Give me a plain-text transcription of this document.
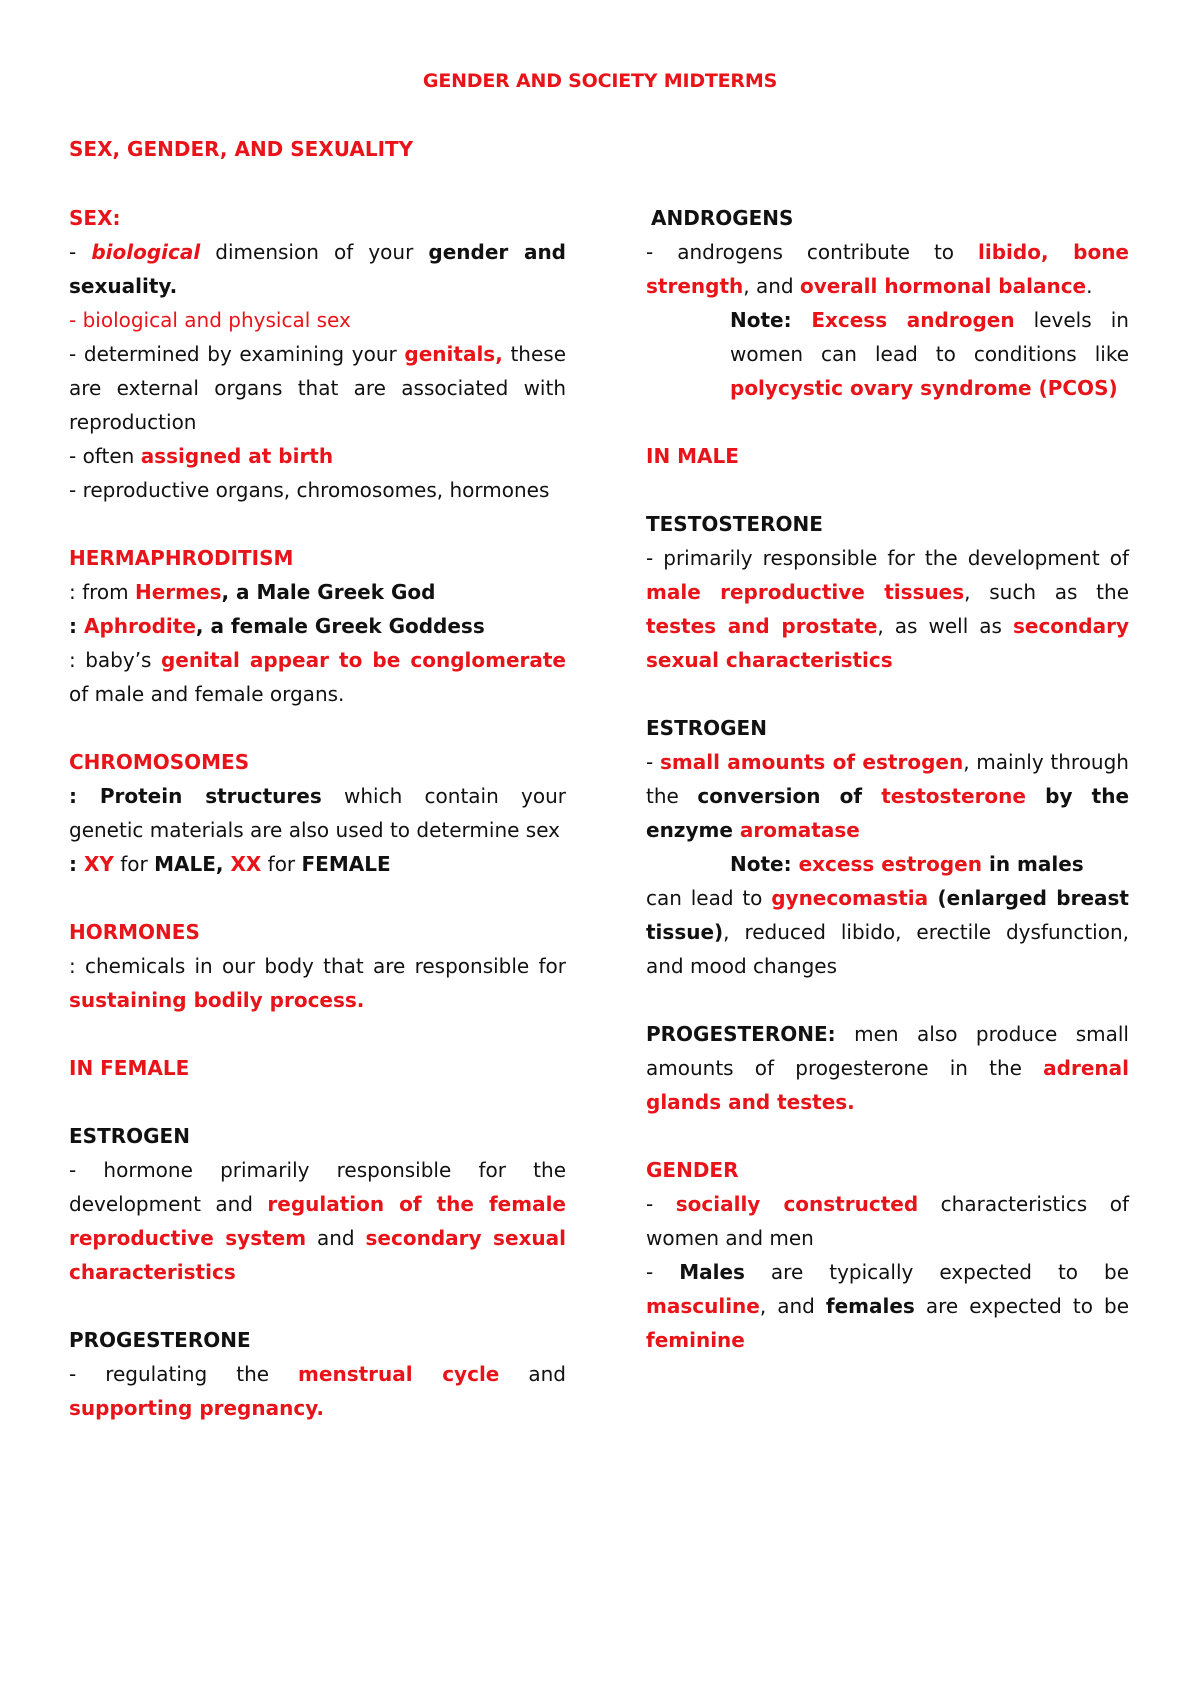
GENDER AND SOCIETY MIDTERMS
SEX, GENDER, AND SEXUALITY

SEX:

- biological dimension of your gender and sexuality.

- biological and physical sex

- determined by examining your genitals, these are external organs that are associated with reproduction

- often assigned at birth

- reproductive organs, chromosomes, hormones

HERMAPHRODITISM

: from Hermes, a Male Greek God

: Aphrodite, a female Greek Goddess

: baby’s genital appear to be conglomerate of male and female organs.

CHROMOSOMES

: Protein structures which contain your genetic materials are also used to determine sex

: XY for MALE, XX for FEMALE

HORMONES

: chemicals in our body that are responsible for sustaining bodily process.

IN FEMALE

ESTROGEN

- hormone primarily responsible for the development and regulation of the female reproductive system and secondary sexual characteristics

PROGESTERONE

- regulating the menstrual cycle and supporting pregnancy.

ANDROGENS

- androgens contribute to libido, bone strength, and overall hormonal balance.

Note: Excess androgen levels in women can lead to conditions like polycystic ovary syndrome (PCOS)

IN MALE

TESTOSTERONE

- primarily responsible for the development of male reproductive tissues, such as the testes and prostate, as well as secondary sexual characteristics

ESTROGEN

- small amounts of estrogen, mainly through the conversion of testosterone by the enzyme aromatase

Note: excess estrogen in males

can lead to gynecomastia (enlarged breast tissue), reduced libido, erectile dysfunction, and mood changes

PROGESTERONE: men also produce small amounts of progesterone in the adrenal glands and testes.

GENDER

- socially constructed characteristics of women and men

- Males are typically expected to be masculine, and females are expected to be feminine
